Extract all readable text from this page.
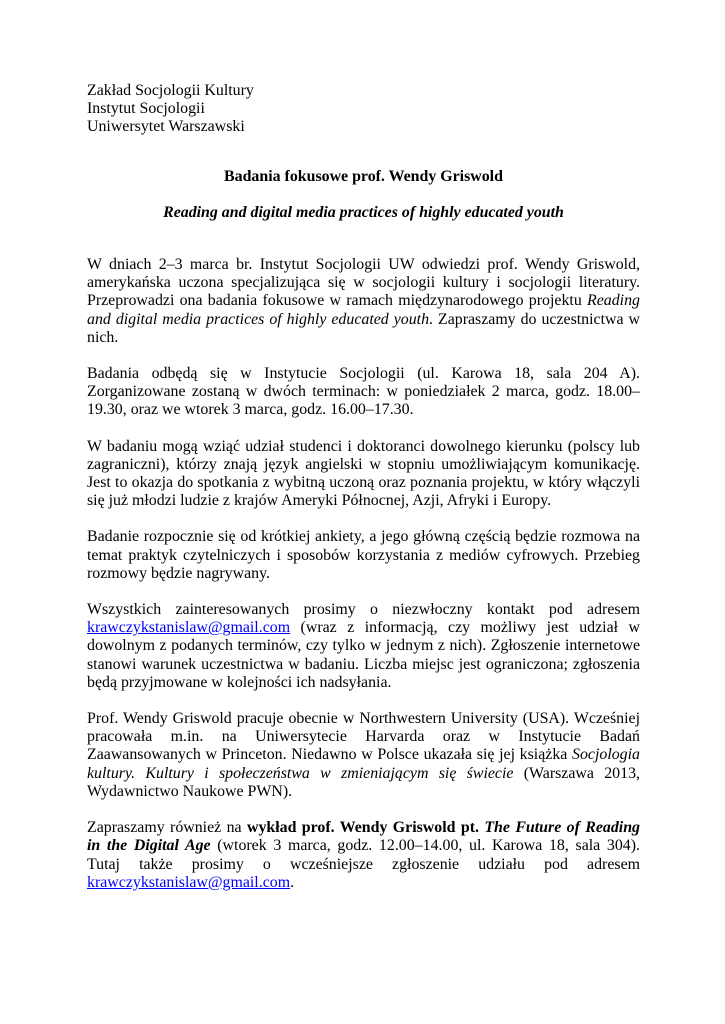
Zakład Socjologii Kultury
Instytut Socjologii
Uniwersytet Warszawski
Badania fokusowe prof. Wendy Griswold
Reading and digital media practices of highly educated youth
W dniach 2–3 marca br. Instytut Socjologii UW odwiedzi prof. Wendy Griswold, amerykańska uczona specjalizująca się w socjologii kultury i socjologii literatury. Przeprowadzi ona badania fokusowe w ramach międzynarodowego projektu Reading and digital media practices of highly educated youth. Zapraszamy do uczestnictwa w nich.
Badania odbędą się w Instytucie Socjologii (ul. Karowa 18, sala 204 A). Zorganizowane zostaną w dwóch terminach: w poniedziałek 2 marca, godz. 18.00–19.30, oraz we wtorek 3 marca, godz. 16.00–17.30.
W badaniu mogą wziąć udział studenci i doktoranci dowolnego kierunku (polscy lub zagraniczni), którzy znają język angielski w stopniu umożliwiającym komunikację. Jest to okazja do spotkania z wybitną uczoną oraz poznania projektu, w który włączyli się już młodzi ludzie z krajów Ameryki Północnej, Azji, Afryki i Europy.
Badanie rozpocznie się od krótkiej ankiety, a jego główną częścią będzie rozmowa na temat praktyk czytelniczych i sposobów korzystania z mediów cyfrowych. Przebieg rozmowy będzie nagrywany.
Wszystkich zainteresowanych prosimy o niezwłoczny kontakt pod adresem krawczykstanislaw@gmail.com (wraz z informacją, czy możliwy jest udział w dowolnym z podanych terminów, czy tylko w jednym z nich). Zgłoszenie internetowe stanowi warunek uczestnictwa w badaniu. Liczba miejsc jest ograniczona; zgłoszenia będą przyjmowane w kolejności ich nadsyłania.
Prof. Wendy Griswold pracuje obecnie w Northwestern University (USA). Wcześniej pracowała m.in. na Uniwersytecie Harvarda oraz w Instytucie Badań Zaawansowanych w Princeton. Niedawno w Polsce ukazała się jej książka Socjologia kultury. Kultury i społeczeństwa w zmieniającym się świecie (Warszawa 2013, Wydawnictwo Naukowe PWN).
Zapraszamy również na wykład prof. Wendy Griswold pt. The Future of Reading in the Digital Age (wtorek 3 marca, godz. 12.00–14.00, ul. Karowa 18, sala 304). Tutaj także prosimy o wcześniejsze zgłoszenie udziału pod adresem krawczykstanislaw@gmail.com.
